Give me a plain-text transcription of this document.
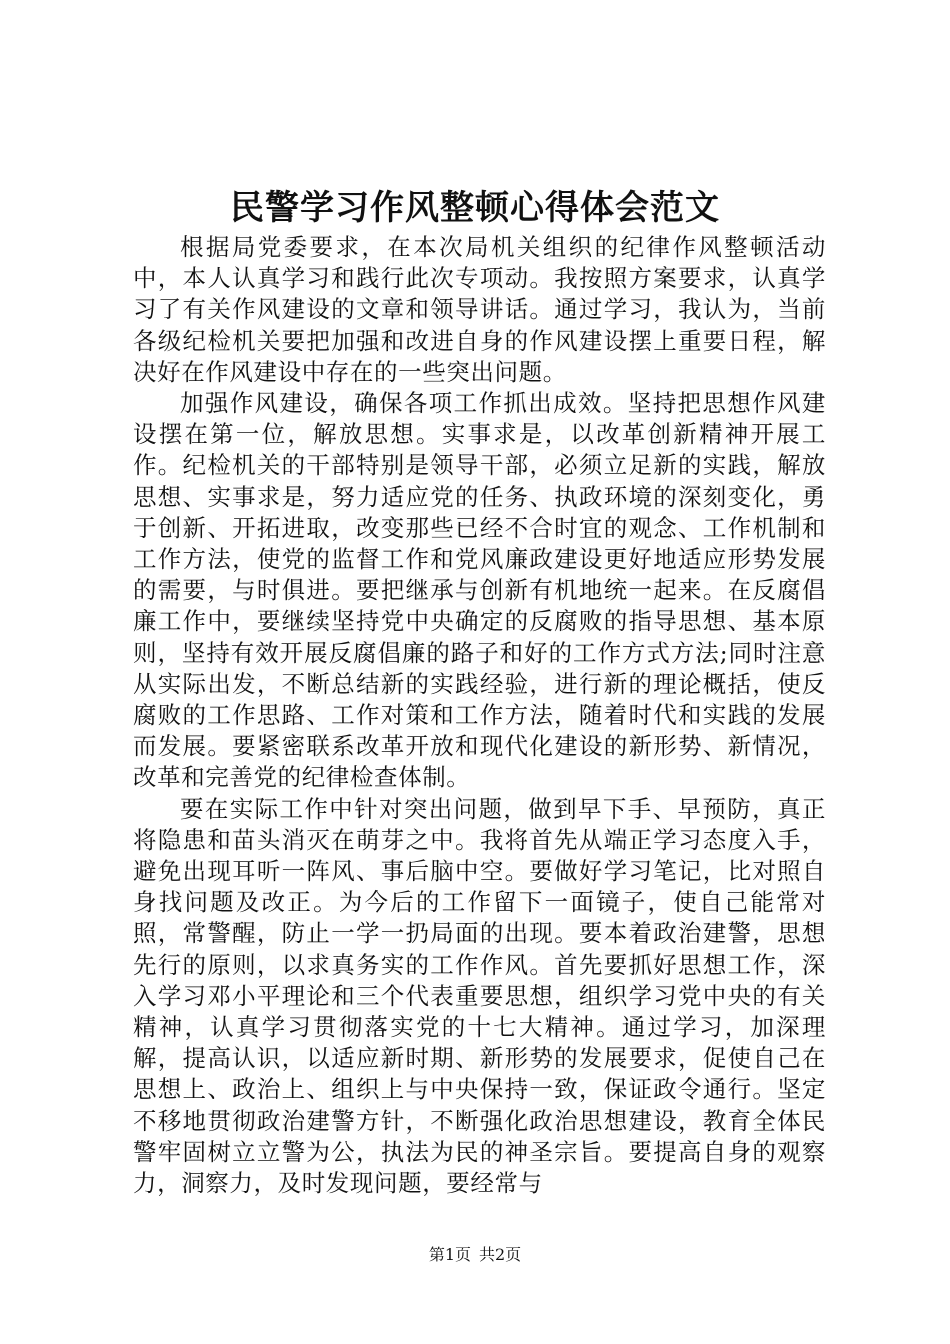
民警学习作风整顿心得体会范文

根据局党委要求，在本次局机关组织的纪律作风整顿活动中，本人认真学习和践行此次专项动。我按照方案要求，认真学习了有关作风建设的文章和领导讲话。通过学习，我认为，当前各级纪检机关要把加强和改进自身的作风建设摆上重要日程，解决好在作风建设中存在的一些突出问题。

加强作风建设，确保各项工作抓出成效。坚持把思想作风建设摆在第一位，解放思想。实事求是，以改革创新精神开展工作。纪检机关的干部特别是领导干部，必须立足新的实践，解放思想、实事求是，努力适应党的任务、执政环境的深刻变化，勇于创新、开拓进取，改变那些已经不合时宜的观念、工作机制和工作方法，使党的监督工作和党风廉政建设更好地适应形势发展的需要，与时俱进。要把继承与创新有机地统一起来。在反腐倡廉工作中，要继续坚持党中央确定的反腐败的指导思想、基本原则，坚持有效开展反腐倡廉的路子和好的工作方式方法;同时注意从实际出发，不断总结新的实践经验，进行新的理论概括，使反腐败的工作思路、工作对策和工作方法，随着时代和实践的发展而发展。要紧密联系改革开放和现代化建设的新形势、新情况，改革和完善党的纪律检查体制。

要在实际工作中针对突出问题，做到早下手、早预防，真正将隐患和苗头消灭在萌芽之中。我将首先从端正学习态度入手，避免出现耳听一阵风、事后脑中空。要做好学习笔记，比对照自身找问题及改正。为今后的工作留下一面镜子，使自己能常对照，常警醒，防止一学一扔局面的出现。要本着政治建警，思想先行的原则，以求真务实的工作作风。首先要抓好思想工作，深入学习邓小平理论和三个代表重要思想，组织学习党中央的有关精神，认真学习贯彻落实党的十七大精神。通过学习，加深理解，提高认识，以适应新时期、新形势的发展要求，促使自己在思想上、政治上、组织上与中央保持一致，保证政令通行。坚定不移地贯彻政治建警方针，不断强化政治思想建设，教育全体民警牢固树立立警为公，执法为民的神圣宗旨。要提高自身的观察力，洞察力，及时发现问题，要经常与

第1页 共2页
